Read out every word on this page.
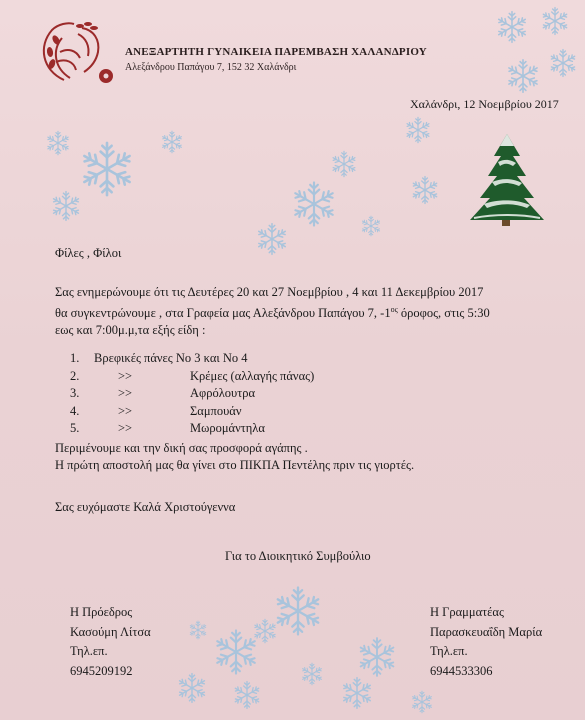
ΑΝΕΞΑΡΤΗΤΗ ΓΥΝΑΙΚΕΙΑ ΠΑΡΕΜΒΑΣΗ ΧΑΛΑΝΔΡΙΟΥ
Αλεξάνδρου Παπάγου 7, 152 32 Χαλάνδρι
Χαλάνδρι, 12 Νοεμβρίου 2017
Φίλες , Φίλοι
Σας ενημερώνουμε ότι τις Δευτέρες 20 και 27 Νοεμβρίου , 4 και 11 Δεκεμβρίου 2017
θα συγκεντρώνουμε , στα Γραφεία μας Αλεξάνδρου Παπάγου 7, $-1^{o\varsigma}$ όροφος, στις 5:30
εως και 7:00μ.μ,τα εξής είδη :
1.	Βρεφικές πάνες Νο 3 και Νο 4
2.	>>	Κρέμες (αλλαγής πάνας)
3.	>>	Αφρόλουτρα
4.	>>	Σαμπουάν
5.	>>	Μωρομάντηλα
Περιμένουμε και την δική σας προσφορά αγάπης .
Η πρώτη αποστολή μας θα γίνει στο ΠΙΚΠΑ Πεντέλης πριν τις γιορτές.
Σας ευχόμαστε Καλά Χριστούγεννα
Για το Διοικητικό Συμβούλιο
Η Πρόεδρος
Κασούμη Λίτσα
Τηλ.επ.
6945209192
Η Γραμματέας
Παρασκευαΐδη Μαρία
Τηλ.επ.
6944533306
